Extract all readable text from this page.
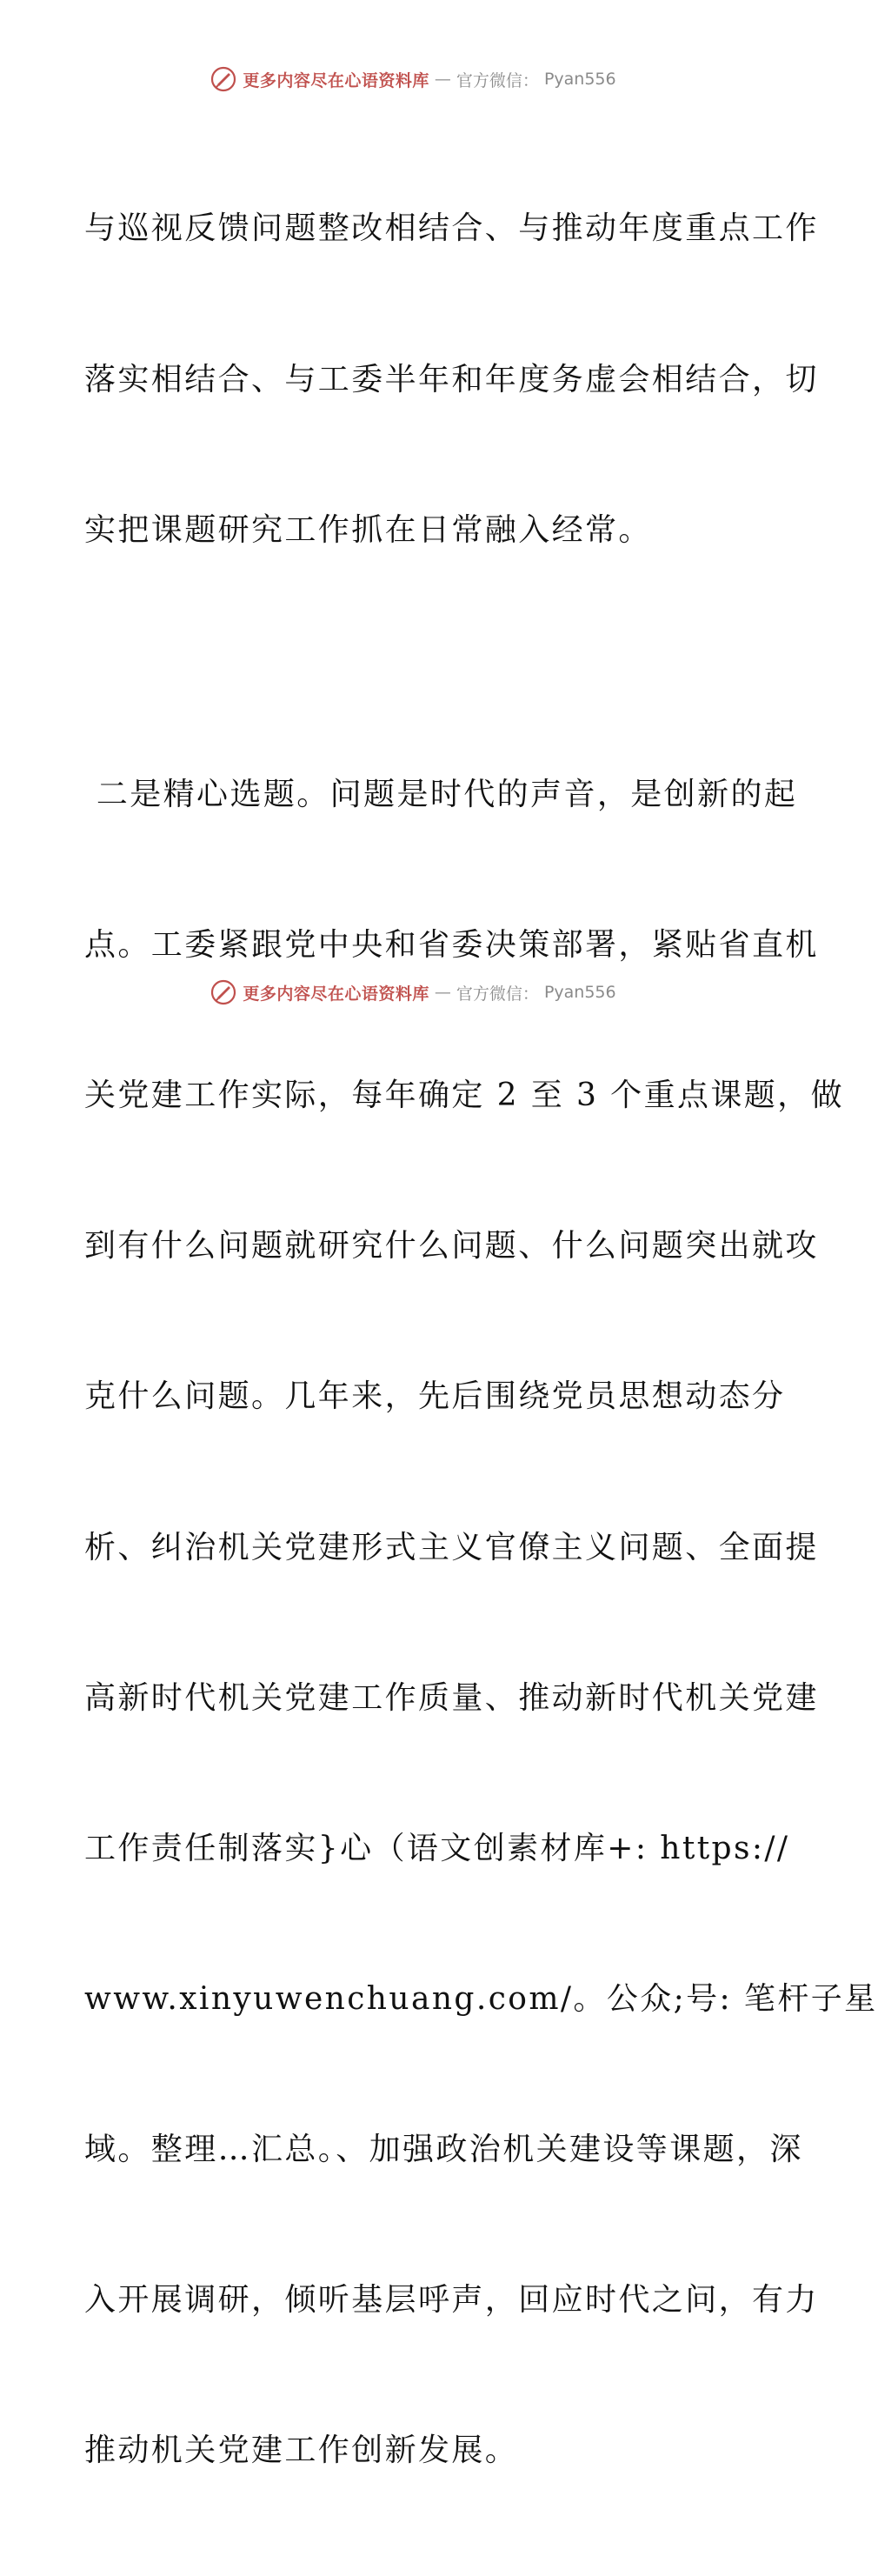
更多内容尽在心语资料库 — 官方微信： Pyan556

与巡视反馈问题整改相结合、与推动年度重点工作

落实相结合、与工委半年和年度务虚会相结合，切

实把课题研究工作抓在日常融入经常。

二是精心选题。问题是时代的声音，是创新的起

点。工委紧跟党中央和省委决策部署，紧贴省直机

关党建工作实际，每年确定 2 至 3 个重点课题，做

到有什么问题就研究什么问题、什么问题突出就攻

克什么问题。几年来，先后围绕党员思想动态分

析、纠治机关党建形式主义官僚主义问题、全面提

高新时代机关党建工作质量、推动新时代机关党建

工作责任制落实}心（语文创素材库+: https://

www.xinyuwenchuang.com/。公众;号: 笔杆子星

域。整理…汇总。、加强政治机关建设等课题，深

入开展调研，倾听基层呼声，回应时代之问，有力

推动机关党建工作创新发展。

更多内容尽在心语资料库 — 官方微信： Pyan556
